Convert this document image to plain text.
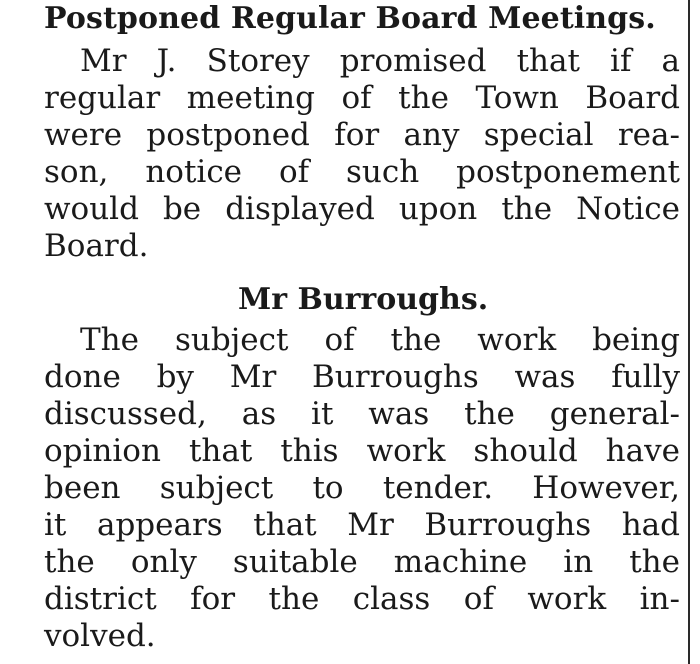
Postponed Regular Board Meetings.

Mr J. Storey promised that if a

regular meeting of the Town Board

were postponed for any special rea-

son, notice of such postponement

would be displayed upon the Notice

Board.

Mr Burroughs.

The subject of the work being

done by Mr Burroughs was fully

discussed, as it was the general-

opinion that this work should have

been subject to tender. However,

it appears that Mr Burroughs had

the only suitable machine in the

district for the class of work in-

volved.
